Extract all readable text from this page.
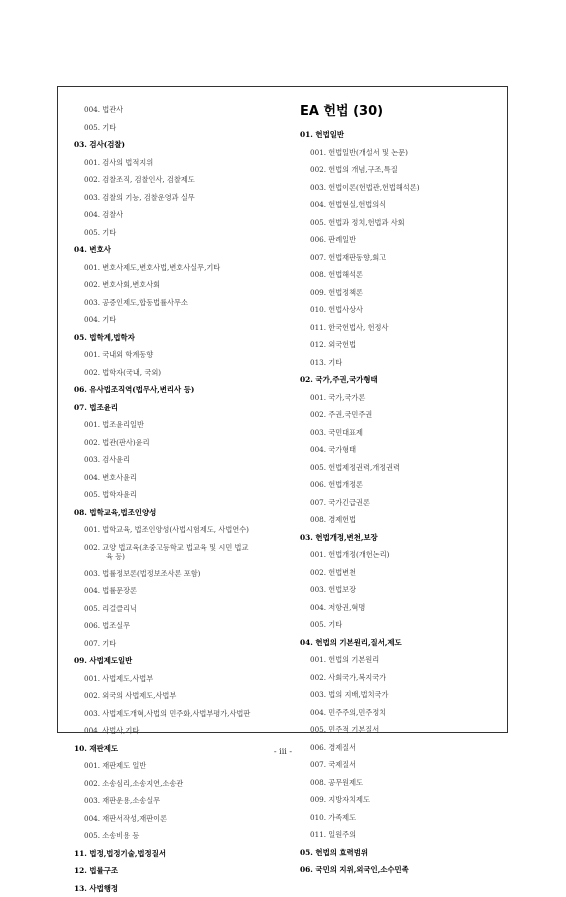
004. 법관사
005. 기타
03. 검사(검찰)
001. 검사의 법적지위
002. 검찰조직, 검찰인사, 검찰제도
003. 검찰의 기능, 검찰운영과 실무
004. 검찰사
005. 기타
04. 변호사
001. 변호사제도,변호사법,변호사실무,기타
002. 변호사회,변호사회
003. 공증인제도,합동법률사무소
004. 기타
05. 법학계,법학자
001. 국내외 학계동향
002. 법학자(국내, 국외)
06. 유사법조직역(법무사,변리사 등)
07. 법조윤리
001. 법조윤리일반
002. 법관(판사)윤리
003. 검사윤리
004. 변호사윤리
005. 법학자윤리
08. 법학교육,법조인양성
001. 법학교육, 법조인양성(사법시험제도, 사법연수)
002. 교양 법교육(초중고등학교 법교육 및 시민 법교
육 등)
003. 법률정보론(법정보조사론 포함)
004. 법률문장론
005. 리걸클리닉
006. 법조실무
007. 기타
09. 사법제도일반
001. 사법제도,사법부
002. 외국의 사법제도,사법부
003. 사법제도개혁,사법의 민주화,사법부평가,사법판
004. 사법사,기타
10. 재판제도
001. 재판제도 일반
002. 소송심리,소송지연,소송관
003. 재판운용,소송실무
004. 재판서작성,재판이론
005. 소송비용 등
11. 법정,법정기술,법정질서
12. 법률구조
13. 사법행정
EA 헌법 (30)
01. 헌법일반
001. 헌법일반(개설서 및 논문)
002. 헌법의 개념,구조,특질
003. 헌법이론(헌법관,헌법해석론)
004. 헌법현실,헌법의식
005. 헌법과 정치,헌법과 사회
006. 판례일반
007. 헌법재판동향,회고
008. 헌법해석론
009. 헌법정책론
010. 헌법사상사
011. 한국헌법사, 헌정사
012. 외국헌법
013. 기타
02. 국가,주권,국가형태
001. 국가,국가론
002. 주권,국민주권
003. 국민대표제
004. 국가형태
005. 헌법제정권력,개정권력
006. 헌법개정론
007. 국가긴급권론
008. 경제헌법
03. 헌법개정,변천,보장
001. 헌법개정(개헌논리)
002. 헌법변천
003. 헌법보장
004. 저항권,혁명
005. 기타
04. 헌법의 기본원리,질서,제도
001. 헌법의 기본원리
002. 사회국가,복지국가
003. 법의 지배,법치국가
004. 민주주의,민주정치
005. 민주적 기본질서
006. 경제질서
007. 국제질서
008. 공무원제도
009. 지방자치제도
010. 가족제도
011. 일원주의
05. 헌법의 효력범위
06. 국민의 지위,외국인,소수민족
- iii -
